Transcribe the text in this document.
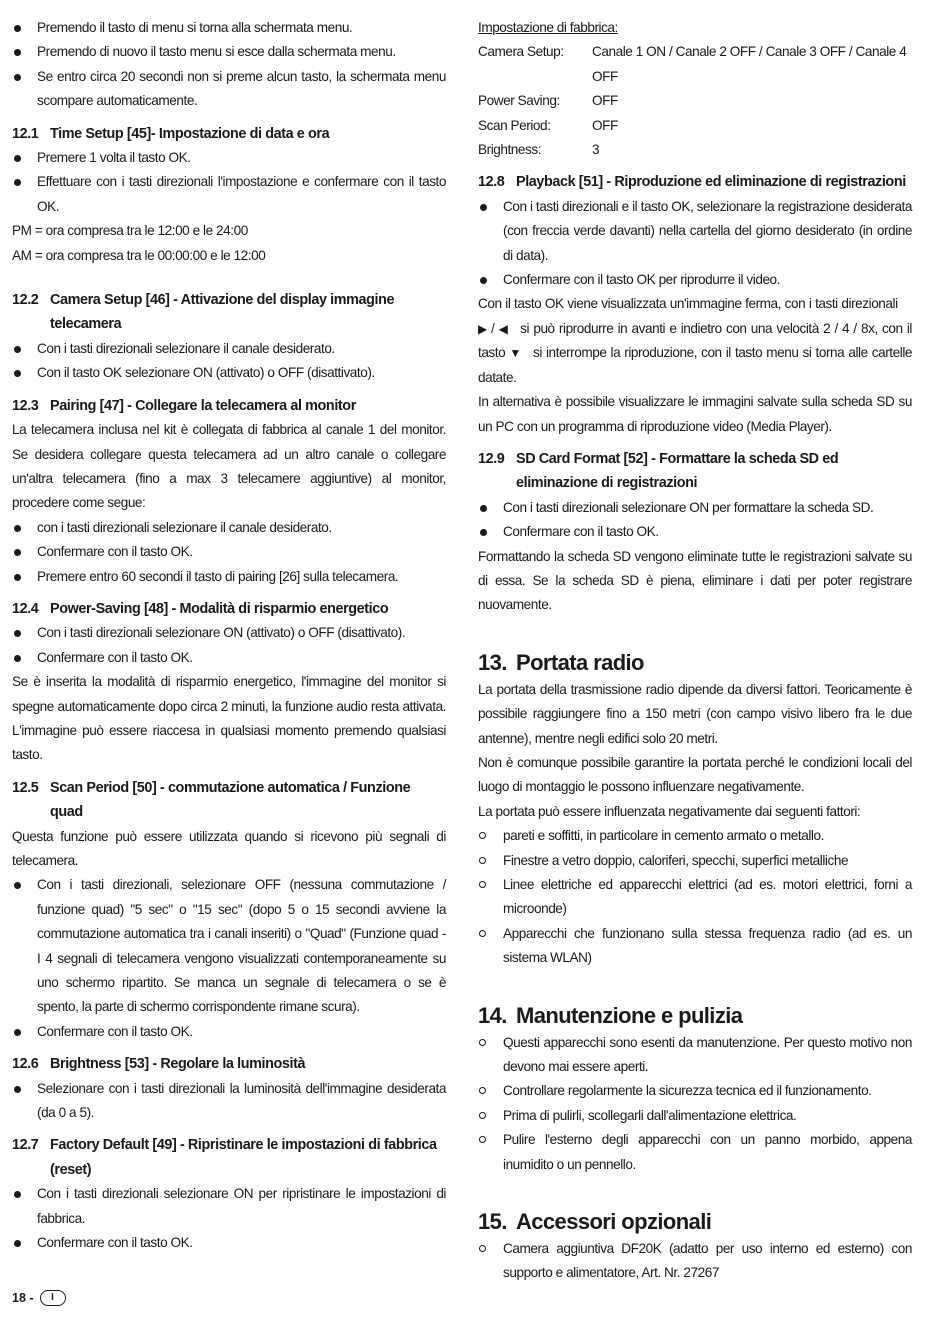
Premendo il tasto di menu si torna alla schermata menu.
Premendo di nuovo il tasto menu si esce dalla schermata menu.
Se entro circa 20 secondi non si preme alcun tasto, la schermata menu scompare automaticamente.
12.1 Time Setup [45]- Impostazione di data e ora
Premere 1 volta il tasto OK.
Effettuare con i tasti direzionali l'impostazione e confermare con il tasto OK.

PM = ora compresa tra le 12:00 e le 24:00

AM = ora compresa tra le 00:00:00 e le 12:00

12.2 Camera Setup [46] - Attivazione del display immagine telecamera
Con i tasti direzionali selezionare il canale desiderato.
Con il tasto OK selezionare ON (attivato) o OFF (disattivato).
12.3 Pairing [47] - Collegare la telecamera al monitor

La telecamera inclusa nel kit è collegata di fabbrica al canale 1 del monitor. Se desidera collegare questa telecamera ad un altro canale o collegare un'altra telecamera (fino a max 3 telecamere aggiuntive) al monitor, procedere come segue:

con i tasti direzionali selezionare il canale desiderato.
Confermare con il tasto OK.
Premere entro 60 secondi il tasto di pairing [26] sulla telecamera.
12.4 Power-Saving [48] - Modalità di risparmio energetico
Con i tasti direzionali selezionare ON (attivato) o OFF (disattivato).
Confermare con il tasto OK.

Se è inserita la modalità di risparmio energetico, l'immagine del monitor si spegne automaticamente dopo circa 2 minuti, la funzione audio resta attivata. L'immagine può essere riaccesa in qualsiasi momento premendo qualsiasi tasto.

12.5 Scan Period [50] - commutazione automatica / Funzione quad

Questa funzione può essere utilizzata quando si ricevono più segnali di telecamera.

Con i tasti direzionali, selezionare OFF (nessuna commutazione / funzione quad) "5 sec" o "15 sec" (dopo 5 o 15 secondi avviene la commutazione automatica tra i canali inseriti) o "Quad" (Funzione quad - I 4 segnali di telecamera vengono visualizzati contemporaneamente su uno schermo ripartito. Se manca un segnale di telecamera o se è spento, la parte di schermo corrispondente rimane scura).
Confermare con il tasto OK.
12.6 Brightness [53] - Regolare la luminosità
Selezionare con i tasti direzionali la luminosità dell'immagine desiderata (da 0 a 5).
12.7 Factory Default [49] - Ripristinare le impostazioni di fabbrica (reset)
Con i tasti direzionali selezionare ON per ripristinare le impostazioni di fabbrica.
Confermare con il tasto OK.

Impostazione di fabbrica:

Camera Setup:	Canale 1 ON / Canale 2 OFF / Canale 3 OFF / Canale 4 OFF
Power Saving:	OFF
Scan Period:	OFF
Brightness:	3
12.8 Playback [51] - Riproduzione ed eliminazione di registrazioni
Con i tasti direzionali e il tasto OK, selezionare la registrazione desiderata (con freccia verde davanti) nella cartella del giorno desiderato (in ordine di data).
Confermare con il tasto OK per riprodurre il video.

Con il tasto OK viene visualizzata un'immagine ferma, con i tasti direzionali    ▶ / ◀ si può riprodurre in avanti e indietro con una velocità 2 / 4 / 8x, con il tasto ▼ si interrompe la riproduzione, con il tasto menu si torna alle cartelle datate.

In alternativa è possibile visualizzare le immagini salvate sulla scheda SD su un PC con un programma di riproduzione video (Media Player).

12.9 SD Card Format [52] - Formattare la scheda SD ed eliminazione di registrazioni
Con i tasti direzionali selezionare ON per formattare la scheda SD.
Confermare con il tasto OK.

Formattando la scheda SD vengono eliminate tutte le registrazioni salvate su di essa. Se la scheda SD è piena, eliminare i dati per poter registrare nuovamente.

13. Portata radio

La portata della trasmissione radio dipende da diversi fattori. Teoricamente è possibile raggiungere fino a 150 metri (con campo visivo libero fra le due antenne), mentre negli edifici solo 20 metri.

Non è comunque possibile garantire la portata perché le condizioni locali del luogo di montaggio le possono influenzare negativamente.

La portata può essere influenzata negativamente dai seguenti fattori:

pareti e soffitti, in particolare in cemento armato o metallo.
Finestre a vetro doppio, caloriferi, specchi, superfici metalliche
Linee elettriche ed apparecchi elettrici (ad es. motori elettrici, forni a microonde)
Apparecchi che funzionano sulla stessa frequenza radio (ad es. un sistema WLAN)
14. Manutenzione e pulizia
Questi apparecchi sono esenti da manutenzione. Per questo motivo non devono mai essere aperti.
Controllare regolarmente la sicurezza tecnica ed il funzionamento.
Prima di pulirli, scollegarli dall'alimentazione elettrica.
Pulire l'esterno degli apparecchi con un panno morbido, appena inumidito o un pennello.
15. Accessori opzionali
Camera aggiuntiva DF20K (adatto per uso interno ed esterno) con supporto e alimentatore, Art. Nr. 27267
18 -	I
